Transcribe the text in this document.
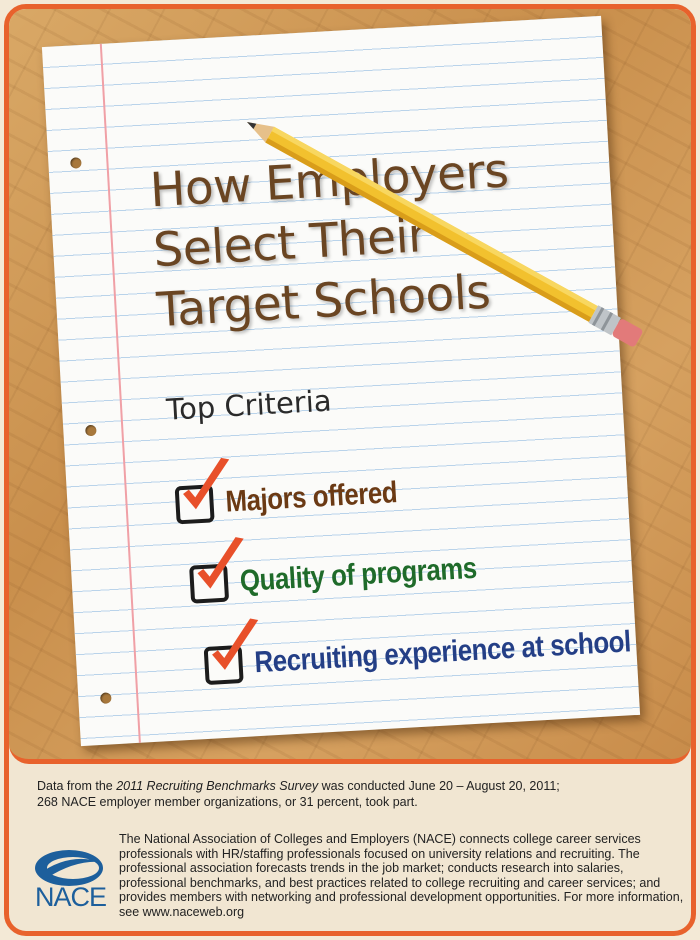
How Employers
Select Their
Target Schools
Top Criteria
Majors offered
Quality of programs
Recruiting experience at school

Data from the 2011 Recruiting Benchmarks Survey was conducted June 20 – August 20, 2011;
268 NACE employer member organizations, or 31 percent, took part.

NACE

The National Association of Colleges and Employers (NACE) connects college career services professionals with HR/staffing professionals focused on university relations and recruiting. The professional association forecasts trends in the job market; conducts research into salaries, professional benchmarks, and best practices related to college recruiting and career services; and provides members with networking and professional development opportunities. For more information, see www.naceweb.org
